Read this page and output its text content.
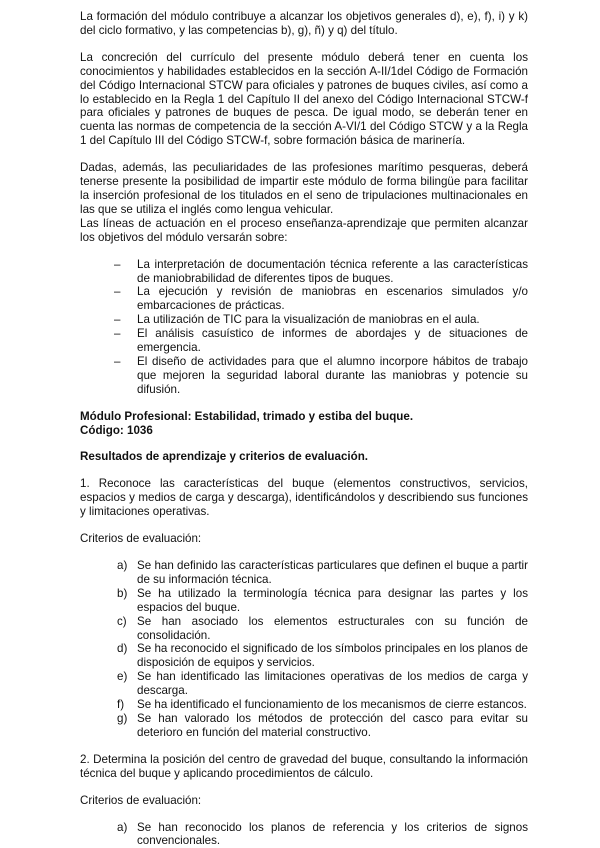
La formación del módulo contribuye a alcanzar los objetivos generales d), e), f), i) y k) del ciclo formativo, y las competencias b), g), ñ) y q) del título.

La concreción del currículo del presente módulo deberá tener en cuenta los conocimientos y habilidades establecidos en la sección A-II/1del Código de Formación del Código Internacional STCW para oficiales y patrones de buques civiles, así como a lo establecido en la Regla 1 del Capítulo II del anexo del Código Internacional STCW-f para oficiales y patrones de buques de pesca. De igual modo, se deberán tener en cuenta las normas de competencia de la sección A-VI/1 del Código STCW y a la Regla 1 del Capítulo III del Código STCW-f, sobre formación básica de marinería.

Dadas, además, las peculiaridades de las profesiones marítimo pesqueras, deberá tenerse presente la posibilidad de impartir este módulo de forma bilingüe para facilitar la inserción profesional de los titulados en el seno de tripulaciones multinacionales en las que se utiliza el inglés como lengua vehicular.

Las líneas de actuación en el proceso enseñanza-aprendizaje que permiten alcanzar los objetivos del módulo versarán sobre:

– La interpretación de documentación técnica referente a las características de maniobrabilidad de diferentes tipos de buques.
– La ejecución y revisión de maniobras en escenarios simulados y/o embarcaciones de prácticas.
– La utilización de TIC para la visualización de maniobras en el aula.
– El análisis casuístico de informes de abordajes y de situaciones de emergencia.
– El diseño de actividades para que el alumno incorpore hábitos de trabajo que mejoren la seguridad laboral durante las maniobras y potencie su difusión.

Módulo Profesional: Estabilidad, trimado y estiba del buque.

Código: 1036

Resultados de aprendizaje y criterios de evaluación.

1. Reconoce las características del buque (elementos constructivos, servicios, espacios y medios de carga y descarga), identificándolos y describiendo sus funciones y limitaciones operativas.

Criterios de evaluación:

a) Se han definido las características particulares que definen el buque a partir de su información técnica.
b) Se ha utilizado la terminología técnica para designar las partes y los espacios del buque.
c) Se han asociado los elementos estructurales con su función de consolidación.
d) Se ha reconocido el significado de los símbolos principales en los planos de disposición de equipos y servicios.
e) Se han identificado las limitaciones operativas de los medios de carga y descarga.
f) Se ha identificado el funcionamiento de los mecanismos de cierre estancos.
g) Se han valorado los métodos de protección del casco para evitar su deterioro en función del material constructivo.

2. Determina la posición del centro de gravedad del buque, consultando la información técnica del buque y aplicando procedimientos de cálculo.

Criterios de evaluación:

a) Se han reconocido los planos de referencia y los criterios de signos convencionales.
